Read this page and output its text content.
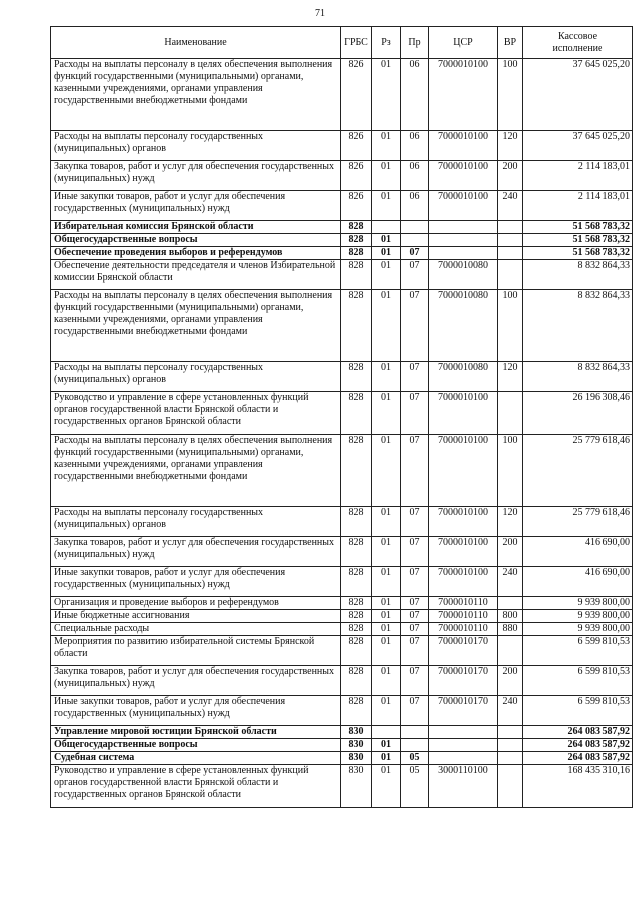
71
Наименование	ГРБС	Рз	Пр	ЦСР	ВР	Кассовое
исполнение

Расходы на выплаты персоналу в целях обеспечения выполнения функций государственными (муниципальными) органами, казенными учреждениями, органами управления государственными внебюджетными фондами	826	01	06	7000010100	100	37 645 025,20
Расходы на выплаты персоналу государственных (муниципальных) органов	826	01	06	7000010100	120	37 645 025,20
Закупка товаров, работ и услуг для обеспечения государственных (муниципальных) нужд	826	01	06	7000010100	200	2 114 183,01
Иные закупки товаров, работ и услуг для обеспечения государственных (муниципальных) нужд	826	01	06	7000010100	240	2 114 183,01
Избирательная комиссия Брянской области	828					51 568 783,32
Общегосударственные вопросы	828	01				51 568 783,32
Обеспечение проведения выборов и референдумов	828	01	07			51 568 783,32
Обеспечение деятельности председателя и членов Избирательной комиссии Брянской области	828	01	07	7000010080		8 832 864,33
Расходы на выплаты персоналу в целях обеспечения выполнения функций государственными (муниципальными) органами, казенными учреждениями, органами управления государственными внебюджетными фондами	828	01	07	7000010080	100	8 832 864,33
Расходы на выплаты персоналу государственных (муниципальных) органов	828	01	07	7000010080	120	8 832 864,33
Руководство и управление в сфере установленных функций органов государственной власти Брянской области и государственных органов Брянской области	828	01	07	7000010100		26 196 308,46
Расходы на выплаты персоналу в целях обеспечения выполнения функций государственными (муниципальными) органами, казенными учреждениями, органами управления государственными внебюджетными фондами	828	01	07	7000010100	100	25 779 618,46
Расходы на выплаты персоналу государственных (муниципальных) органов	828	01	07	7000010100	120	25 779 618,46
Закупка товаров, работ и услуг для обеспечения государственных (муниципальных) нужд	828	01	07	7000010100	200	416 690,00
Иные закупки товаров, работ и услуг для обеспечения государственных (муниципальных) нужд	828	01	07	7000010100	240	416 690,00
Организация и проведение выборов и референдумов	828	01	07	7000010110		9 939 800,00
Иные бюджетные ассигнования	828	01	07	7000010110	800	9 939 800,00
Специальные расходы	828	01	07	7000010110	880	9 939 800,00
Мероприятия по развитию избирательной системы Брянской области	828	01	07	7000010170		6 599 810,53
Закупка товаров, работ и услуг для обеспечения государственных (муниципальных) нужд	828	01	07	7000010170	200	6 599 810,53
Иные закупки товаров, работ и услуг для обеспечения государственных (муниципальных) нужд	828	01	07	7000010170	240	6 599 810,53
Управление мировой юстиции Брянской области	830					264 083 587,92
Общегосударственные вопросы	830	01				264 083 587,92
Судебная система	830	01	05			264 083 587,92
Руководство и управление в сфере установленных функций органов государственной власти Брянской области и государственных органов Брянской области	830	01	05	3000110100		168 435 310,16
